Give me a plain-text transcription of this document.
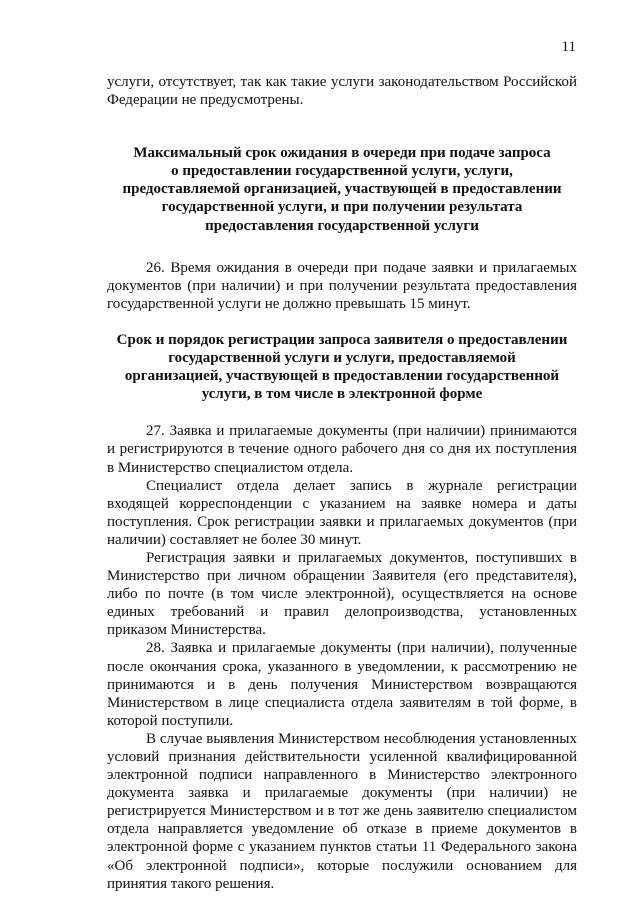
11

услуги, отсутствует, так как такие услуги законодательством Российской Федерации не предусмотрены.

Максимальный срок ожидания в очереди при подаче запроса

о предоставлении государственной услуги, услуги,

предоставляемой организацией, участвующей в предоставлении

государственной услуги, и при получении результата

предоставления государственной услуги

26. Время ожидания в очереди при подаче заявки и прилагаемых документов (при наличии) и при получении результата предоставления государственной услуги не должно превышать 15 минут.

Срок и порядок регистрации запроса заявителя о предоставлении

государственной услуги и услуги, предоставляемой

организацией, участвующей в предоставлении государственной

услуги, в том числе в электронной форме

27. Заявка и прилагаемые документы (при наличии) принимаются и регистрируются в течение одного рабочего дня со дня их поступления в Министерство специалистом отдела.

Специалист отдела делает запись в журнале регистрации входящей корреспонденции с указанием на заявке номера и даты поступления. Срок регистрации заявки и прилагаемых документов (при наличии) составляет не более 30 минут.

Регистрация заявки и прилагаемых документов, поступивших в Министерство при личном обращении Заявителя (его представителя), либо по почте (в том числе электронной), осуществляется на основе единых требований и правил делопроизводства, установленных приказом Министерства.

28. Заявка и прилагаемые документы (при наличии), полученные после окончания срока, указанного в уведомлении, к рассмотрению не принимаются и в день получения Министерством возвращаются Министерством в лице специалиста отдела заявителям в той форме, в которой поступили.

В случае выявления Министерством несоблюдения установленных условий признания действительности усиленной квалифицированной электронной подписи направленного в Министерство электронного документа заявка и прилагаемые документы (при наличии) не регистрируется Министерством и в тот же день заявителю специалистом отдела направляется уведомление об отказе в приеме документов в электронной форме с указанием пунктов статьи 11 Федерального закона «Об электронной подписи», которые послужили основанием для принятия такого решения.
